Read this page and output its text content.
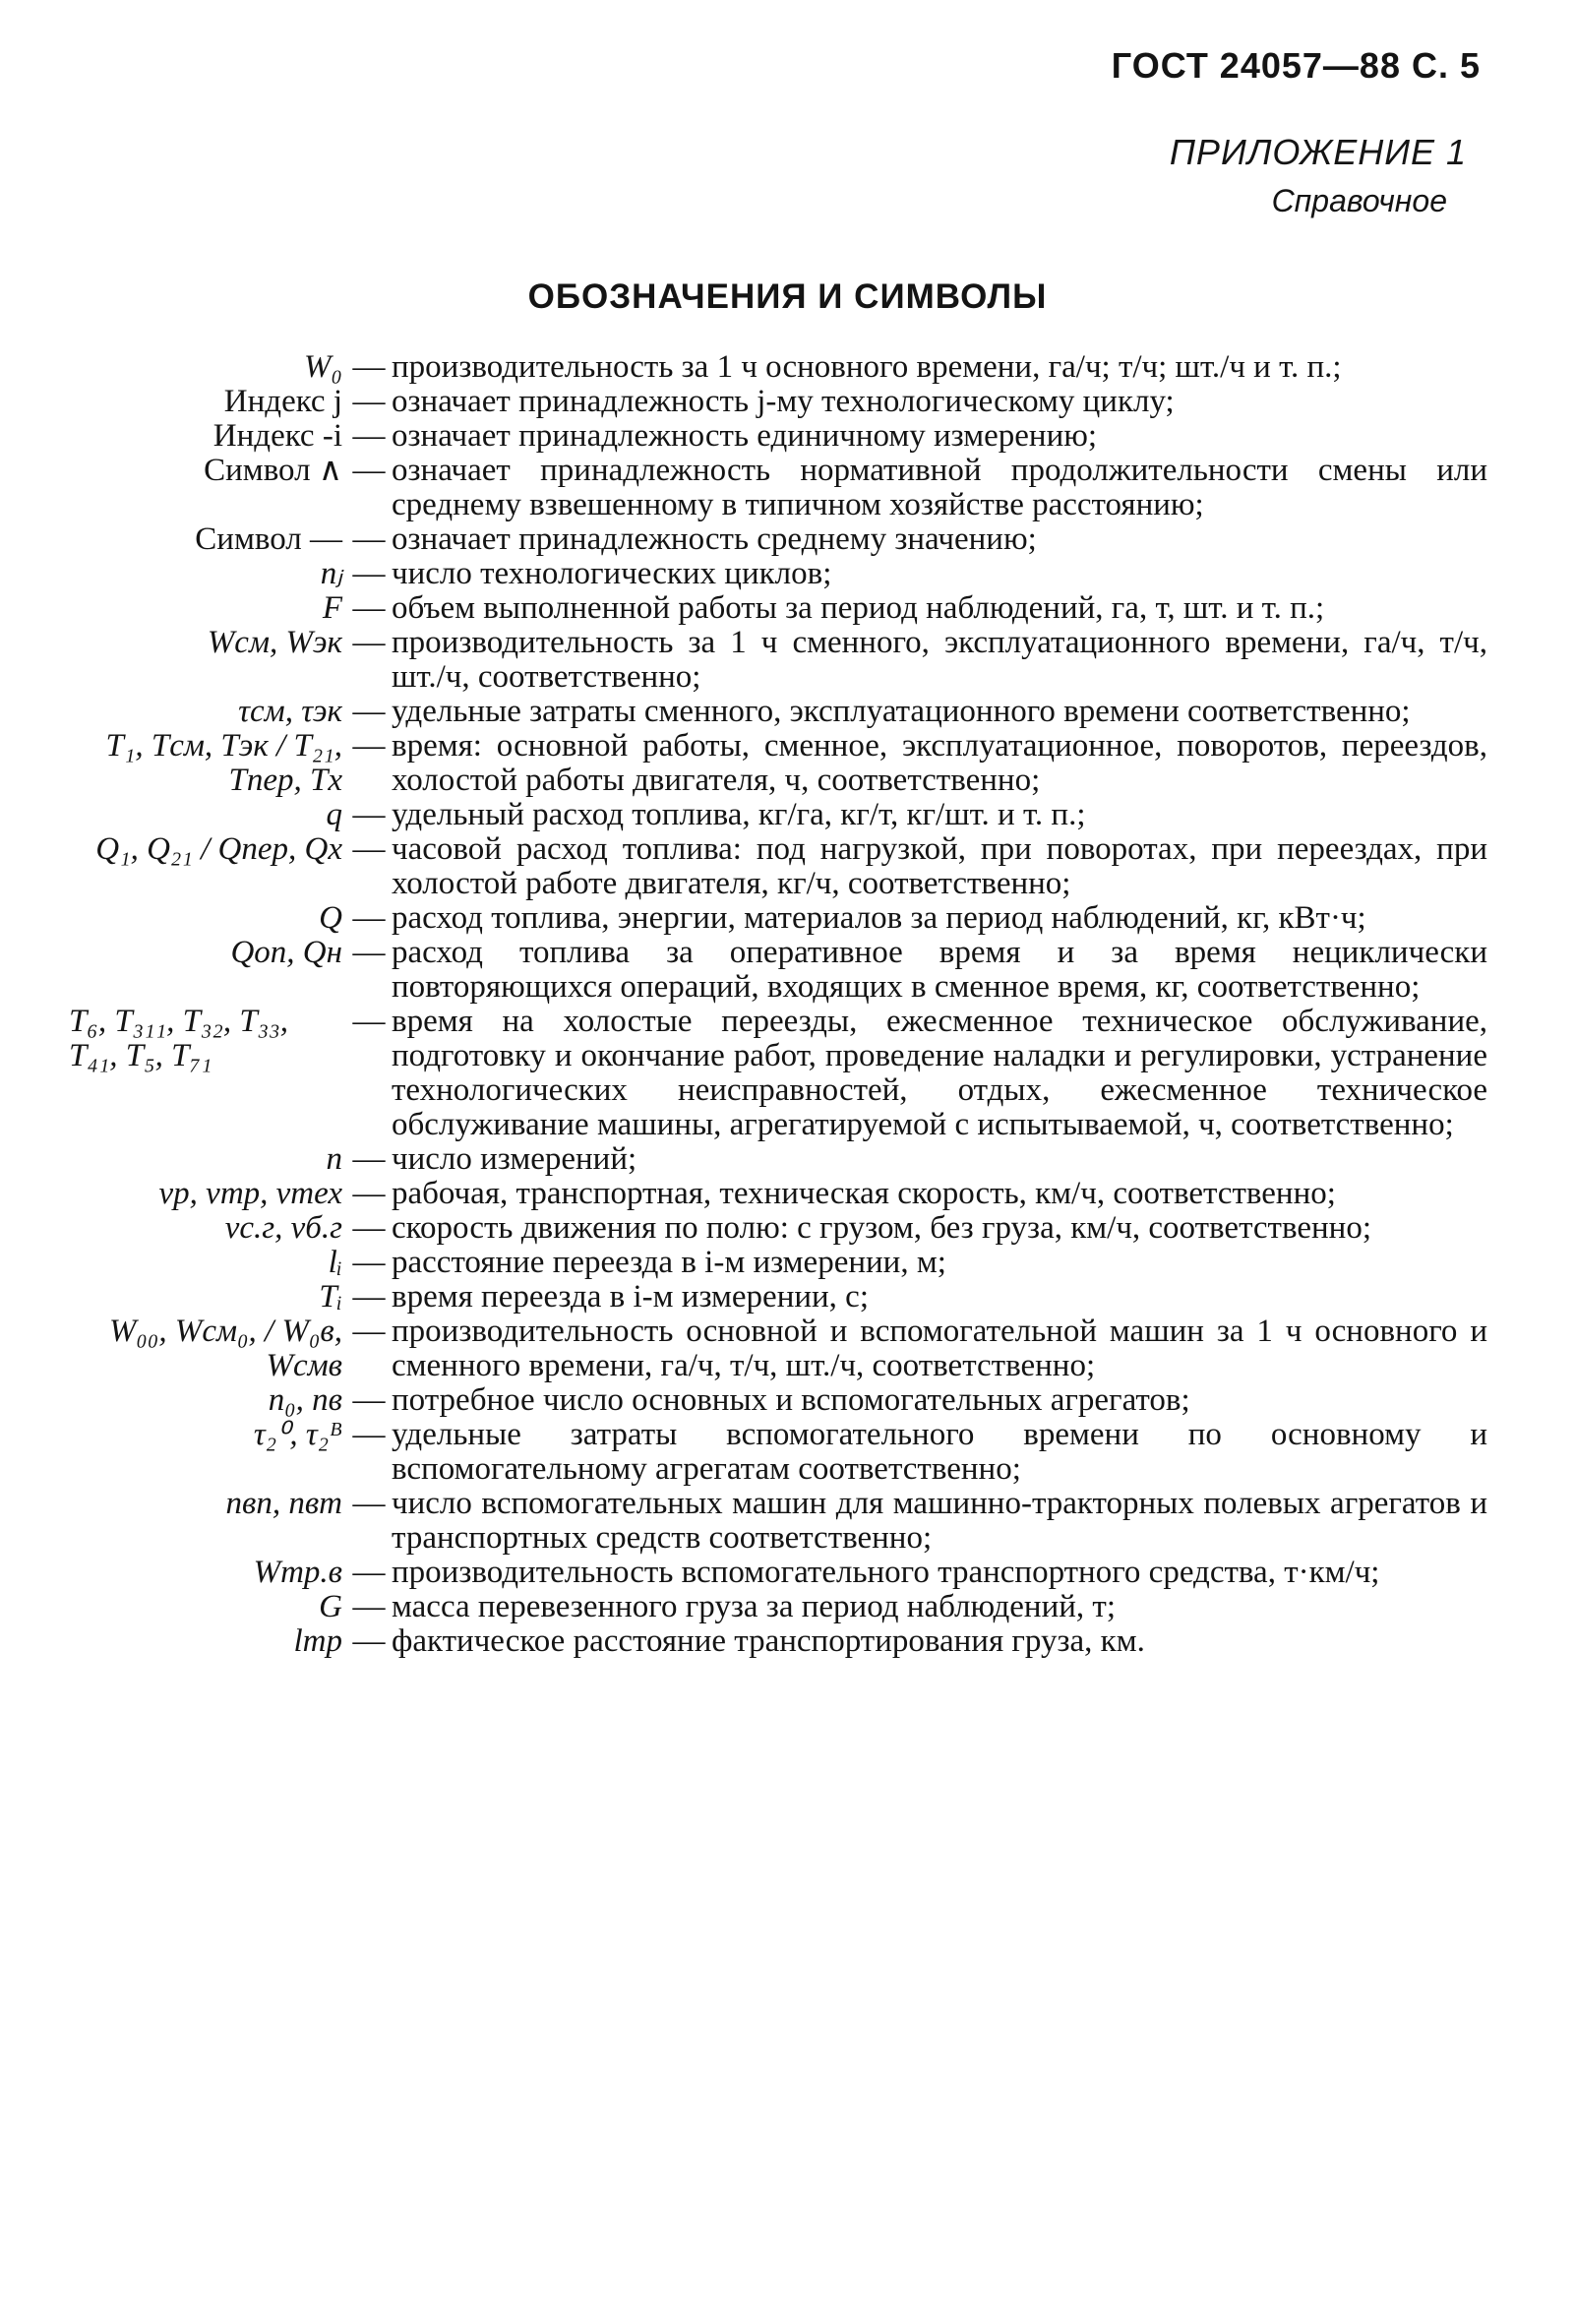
ГОСТ 24057—88 С. 5
ПРИЛОЖЕНИЕ 1
Справочное
ОБОЗНАЧЕНИЯ И СИМВОЛЫ
W₀ — производительность за 1 ч основного времени, га/ч; т/ч; шт./ч и т. п.;
Индекс j — означает принадлежность j-му технологическому циклу;
Индекс ‐i — означает принадлежность единичному измерению;
Символ ∧ — означает принадлежность нормативной продолжительности смены или среднему взвешенному в типичном хозяйстве расстоянию;
Символ — — означает принадлежность среднему значению;
nⱼ — число технологических циклов;
F — объем выполненной работы за период наблюдений, га, т, шт. и т. п.;
Wсм, Wэк — производительность за 1 ч сменного, эксплуатационного времени, га/ч, т/ч, шт./ч, соответственно;
τсм, τэк — удельные затраты сменного, эксплуатационного времени соответственно;
T₁, Tсм, Tэк / T₂₁, Tпер, Tх
— время: основной работы, сменное, эксплуатационное, поворотов, переездов, холостой работы двигателя, ч, соответственно;
q — удельный расход топлива, кг/га, кг/т, кг/шт. и т. п.;
Q₁, Q₂₁ / Qпер, Qх — часовой расход топлива: под нагрузкой, при поворотах, при переездах, при холостой работе двигателя, кг/ч, соответственно;
Q — расход топлива, энергии, материалов за период наблюдений, кг, кВт·ч;
Qоп, Qн — расход топлива за оперативное время и за время нециклически повторяющихся операций, входящих в сменное время, кг, соответственно;
T₆, T₃₁₁, T₃₂, T₃₃, T₄₁, T₅, T₇₁
— время на холостые переезды, ежесменное техническое обслуживание, подготовку и окончание работ, проведение наладки и регулировки, устранение технологических неисправностей, отдых, ежесменное техническое обслуживание машины, агрегатируемой с испытываемой, ч, соответственно;
n — число измерений;
vр, vтр, vтех — рабочая, транспортная, техническая скорость, км/ч, соответственно;
vс.г, vб.г — скорость движения по полю: с грузом, без груза, км/ч, соответственно;
lᵢ — расстояние переезда в i-м измерении, м;
Tᵢ — время переезда в i-м измерении, с;
W₀₀, Wсм₀, / W₀в, Wсмв
— производительность основной и вспомогательной машин за 1 ч основного и сменного времени, га/ч, т/ч, шт./ч, соответственно;
n₀, nв — потребное число основных и вспомогательных агрегатов;
τ₂⁰, τ₂ᴮ — удельные затраты вспомогательного времени по основному и вспомогательному агрегатам соответственно;
nвп, nвт — число вспомогательных машин для машинно-тракторных полевых агрегатов и транспортных средств соответственно;
Wтр.в — производительность вспомогательного транспортного средства, т·км/ч;
G — масса перевезенного груза за период наблюдений, т;
lтр — фактическое расстояние транспортирования груза, км.
